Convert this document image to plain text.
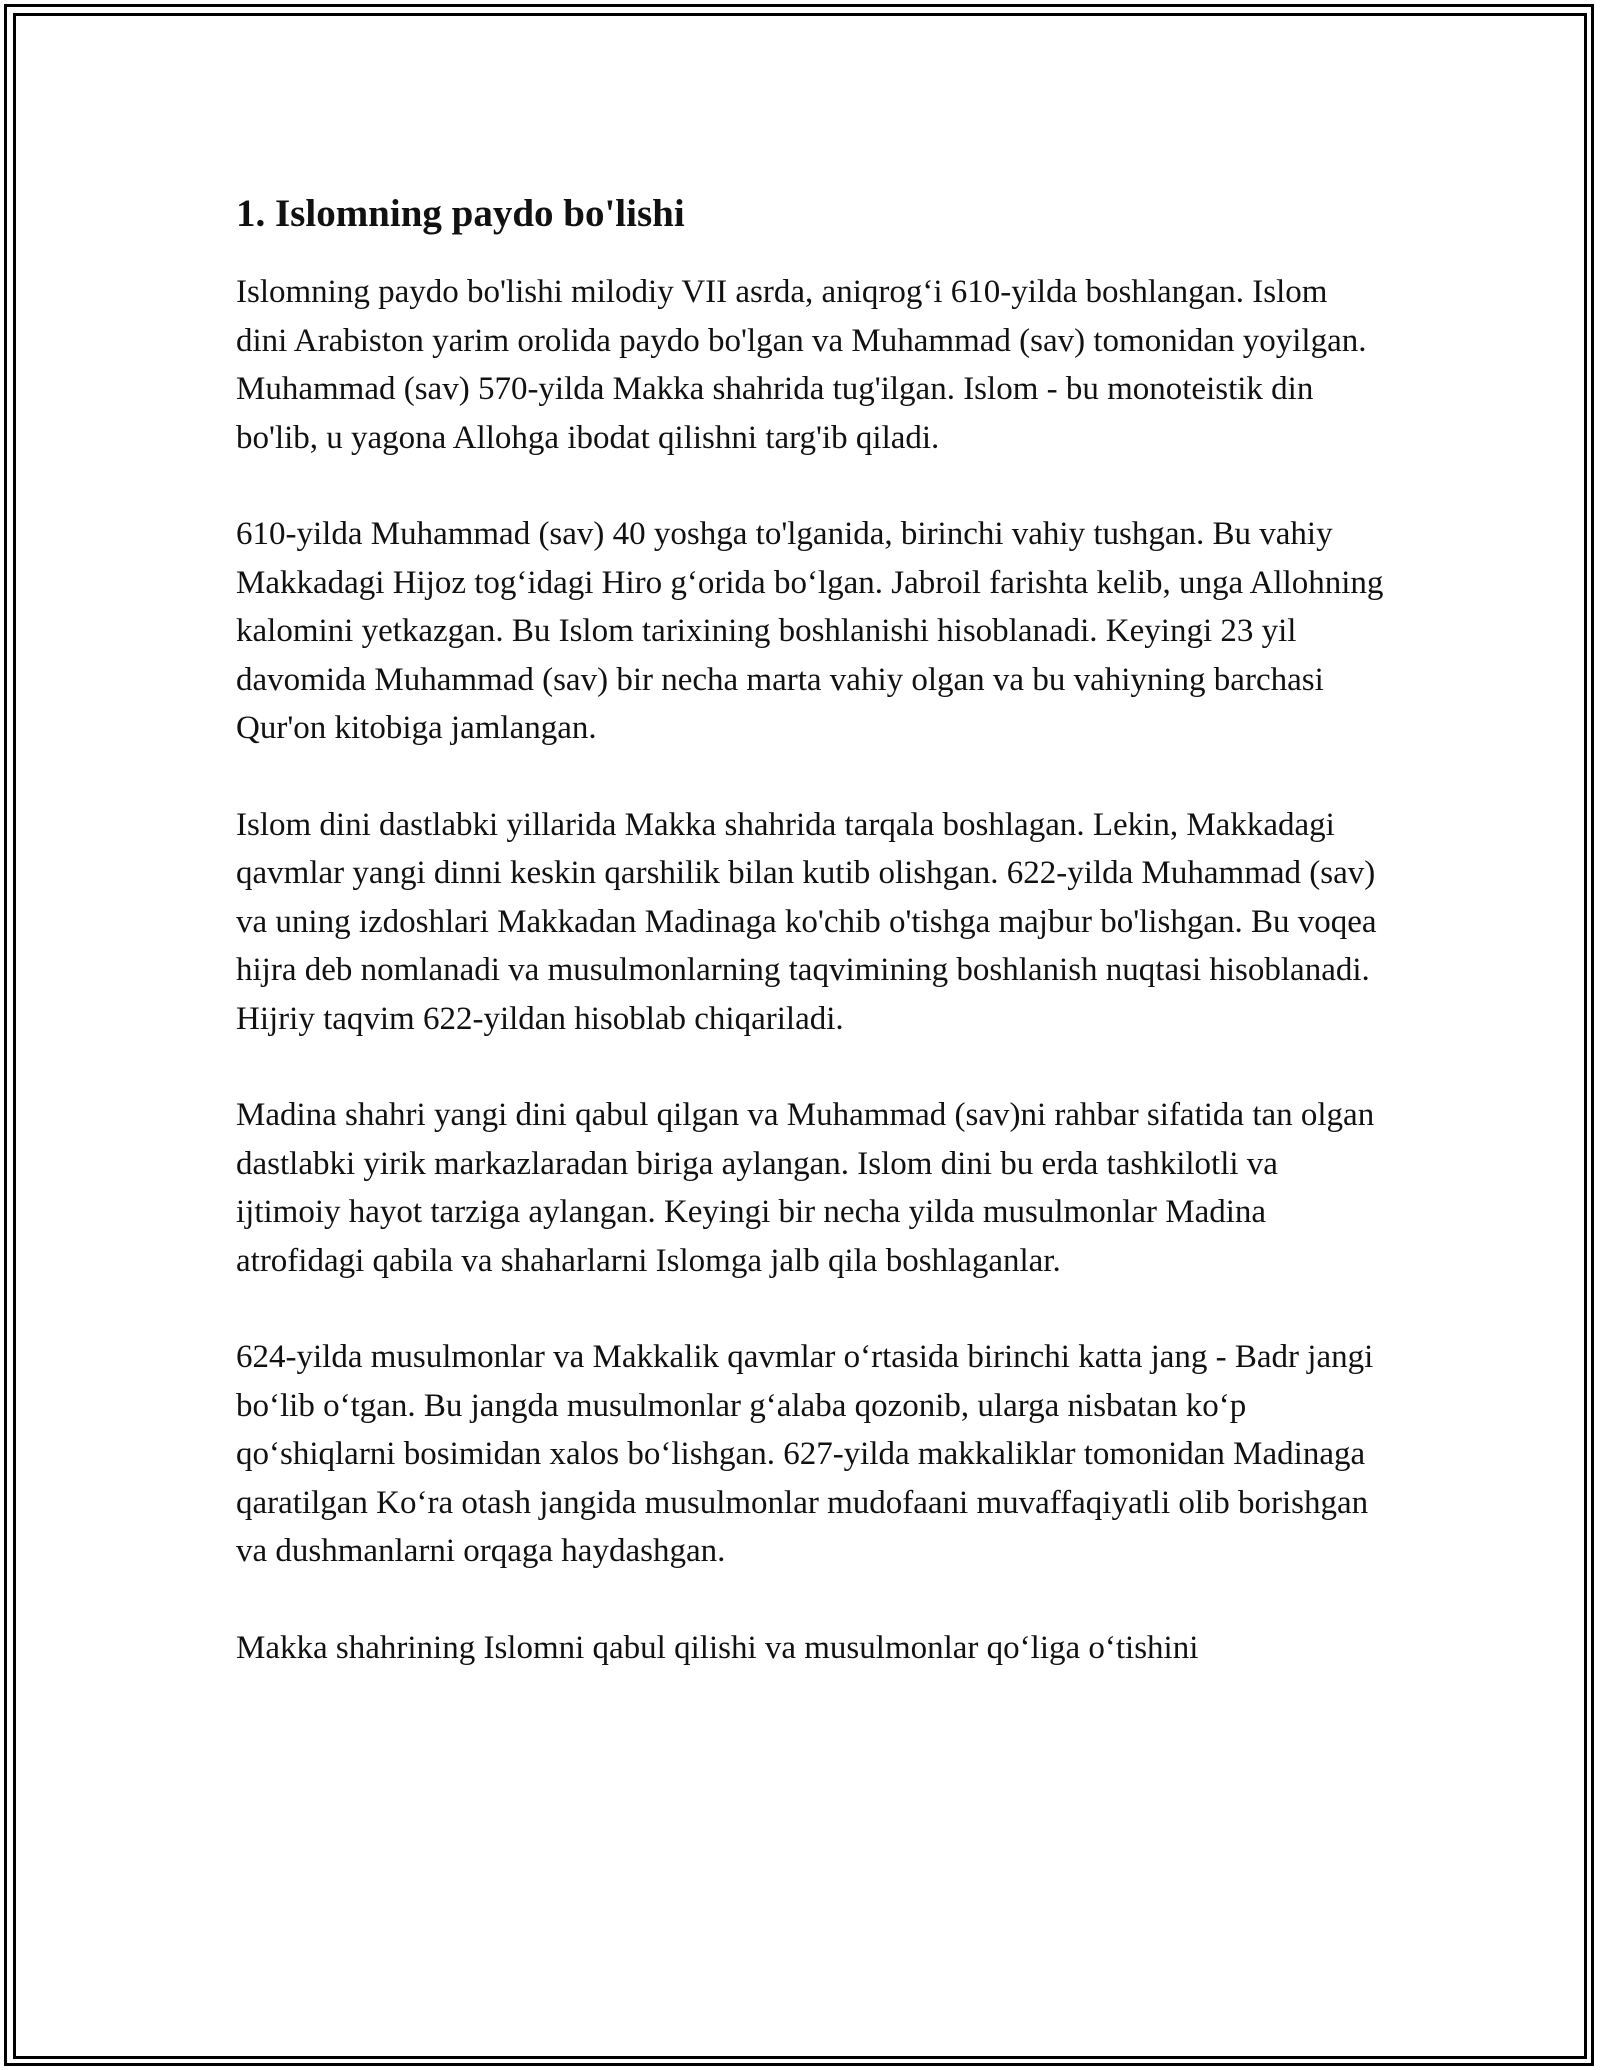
1. Islomning paydo bo'lishi

Islomning paydo bo'lishi milodiy VII asrda, aniqrog‘i 610-yilda boshlangan. Islom dini Arabiston yarim orolida paydo bo'lgan va Muhammad (sav) tomonidan yoyilgan. Muhammad (sav) 570-yilda Makka shahrida tug'ilgan. Islom - bu monoteistik din bo'lib, u yagona Allohga ibodat qilishni targ'ib qiladi.

610-yilda Muhammad (sav) 40 yoshga to'lganida, birinchi vahiy tushgan. Bu vahiy Makkadagi Hijoz tog‘idagi Hiro g‘orida bo‘lgan. Jabroil farishta kelib, unga Allohning kalomini yetkazgan. Bu Islom tarixining boshlanishi hisoblanadi. Keyingi 23 yil davomida Muhammad (sav) bir necha marta vahiy olgan va bu vahiyning barchasi Qur'on kitobiga jamlangan.

Islom dini dastlabki yillarida Makka shahrida tarqala boshlagan. Lekin, Makkadagi qavmlar yangi dinni keskin qarshilik bilan kutib olishgan. 622-yilda Muhammad (sav) va uning izdoshlari Makkadan Madinaga ko'chib o'tishga majbur bo'lishgan. Bu voqea hijra deb nomlanadi va musulmonlarning taqvimining boshlanish nuqtasi hisoblanadi. Hijriy taqvim 622-yildan hisoblab chiqariladi.

Madina shahri yangi dini qabul qilgan va Muhammad (sav)ni rahbar sifatida tan olgan dastlabki yirik markazlaradan biriga aylangan. Islom dini bu erda tashkilotli va ijtimoiy hayot tarziga aylangan. Keyingi bir necha yilda musulmonlar Madina atrofidagi qabila va shaharlarni Islomga jalb qila boshlaganlar.

624-yilda musulmonlar va Makkalik qavmlar o‘rtasida birinchi katta jang - Badr jangi bo‘lib o‘tgan. Bu jangda musulmonlar g‘alaba qozonib, ularga nisbatan ko‘p qo‘shiqlarni bosimidan xalos bo‘lishgan. 627-yilda makkaliklar tomonidan Madinaga qaratilgan Ko‘ra otash jangida musulmonlar mudofaani muvaffaqiyatli olib borishgan va dushmanlarni orqaga haydashgan.

Makka shahrining Islomni qabul qilishi va musulmonlar qo‘liga o‘tishini
